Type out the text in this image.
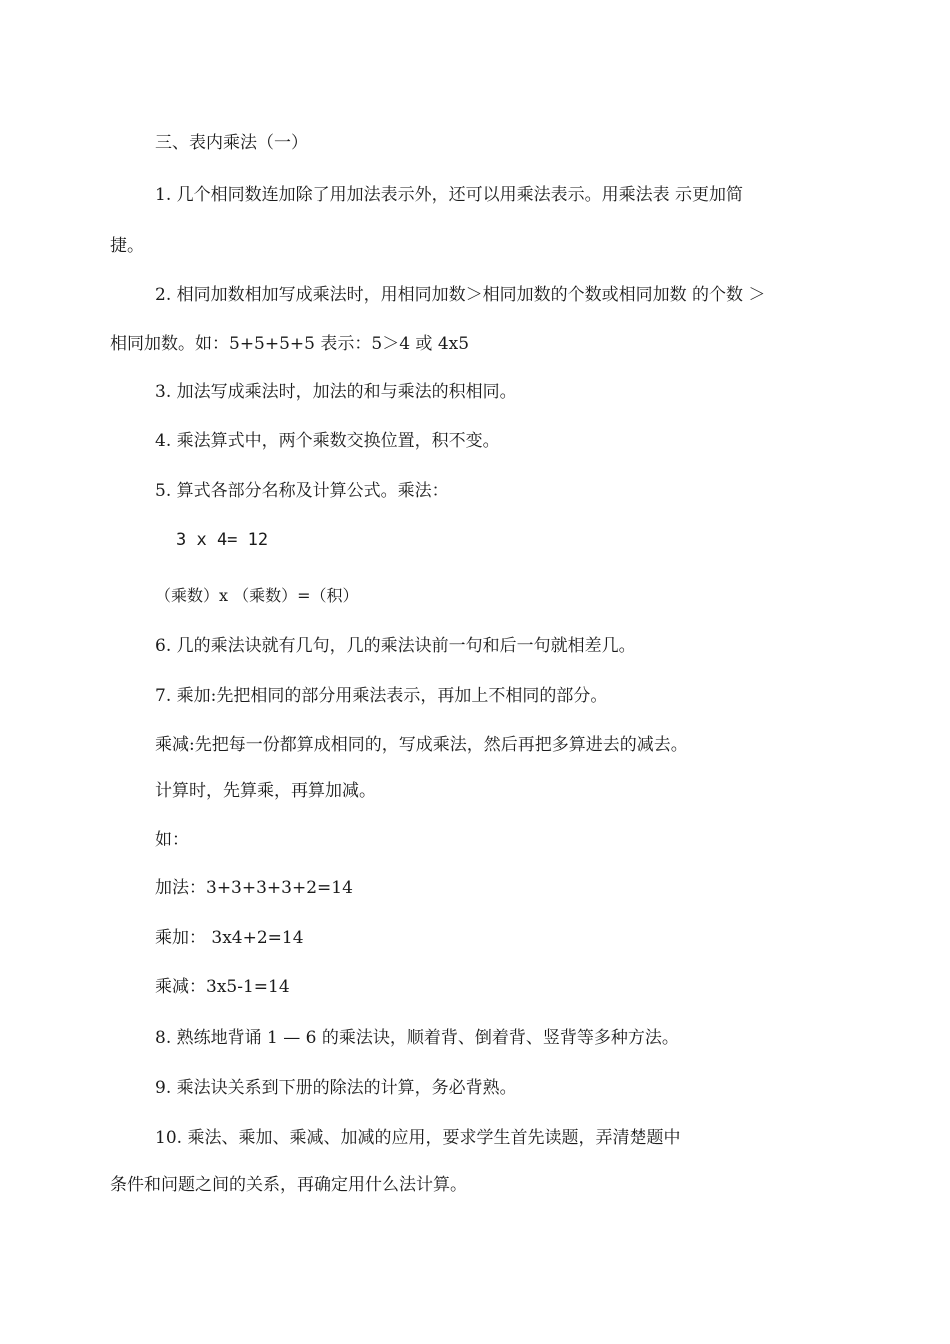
三、表内乘法（一）

1. 几个相同数连加除了用加法表示外，还可以用乘法表示。用乘法表 示更加简

捷。

2. 相同加数相加写成乘法时，用相同加数＞相同加数的个数或相同加数 的个数 ＞

相同加数。如：5+5+5+5 表示：5＞4 或 4x5

3. 加法写成乘法时，加法的和与乘法的积相同。

4. 乘法算式中，两个乘数交换位置，积不变。

5. 算式各部分名称及计算公式。乘法：

3 x 4= 12

（乘数）x （乘数）=（积）

6. 几的乘法诀就有几句，几的乘法诀前一句和后一句就相差几。

7. 乘加:先把相同的部分用乘法表示，再加上不相同的部分。

乘减:先把每一份都算成相同的，写成乘法，然后再把多算进去的减去。

计算时，先算乘，再算加减。

如：

加法：3+3+3+3+2=14

乘加： 3x4+2=14

乘减：3x5-1=14

8. 熟练地背诵 1 — 6 的乘法诀，顺着背、倒着背、竖背等多种方法。

9. 乘法诀关系到下册的除法的计算，务必背熟。

10. 乘法、乘加、乘减、加减的应用，要求学生首先读题，弄清楚题中

条件和问题之间的关系，再确定用什么法计算。
